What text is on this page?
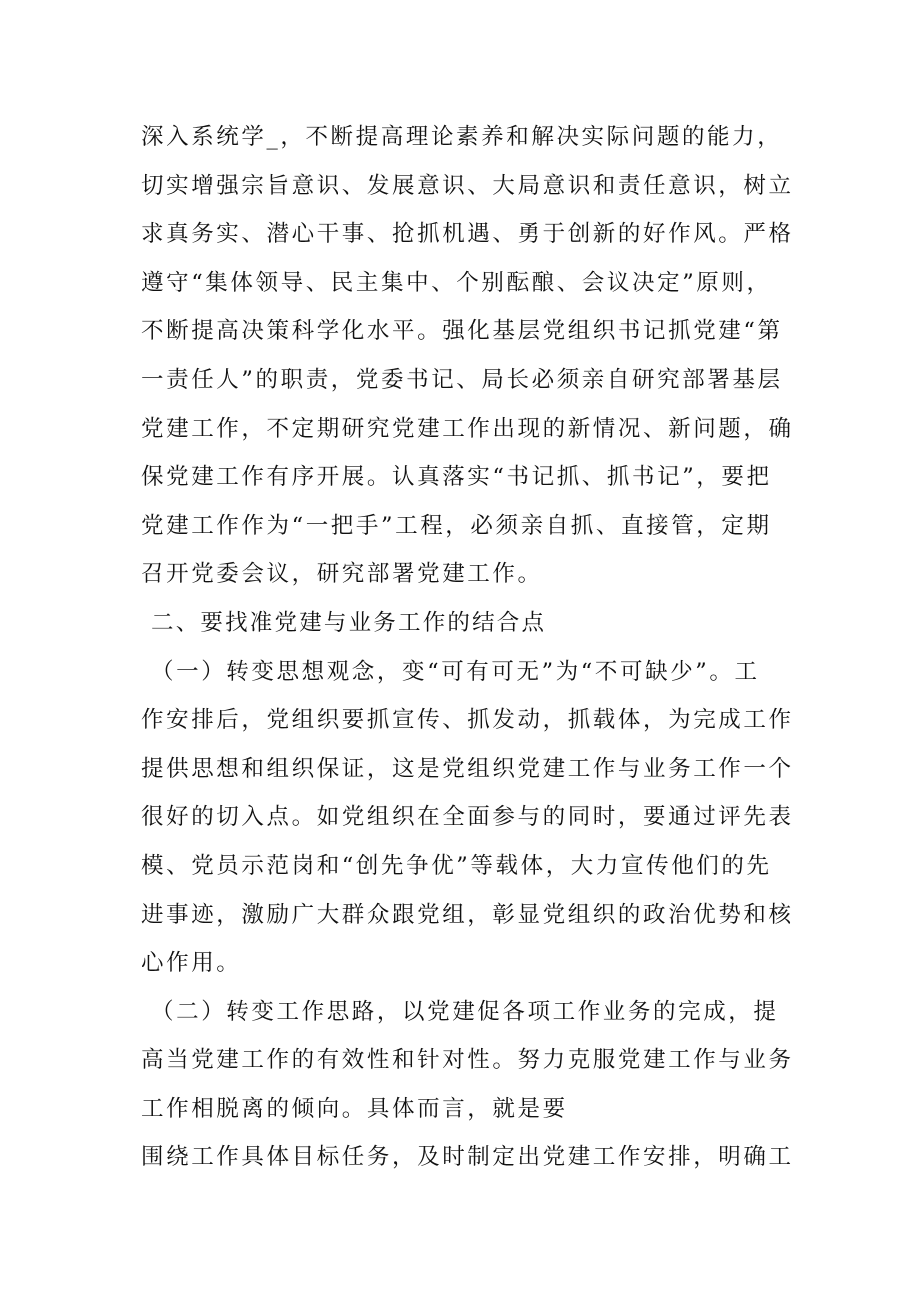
深入系统学_，不断提高理论素养和解决实际问题的能力，

切实增强宗旨意识、发展意识、大局意识和责任意识，树立

求真务实、潜心干事、抢抓机遇、勇于创新的好作风。严格

遵守“集体领导、民主集中、个别酝酿、会议决定”原则，

不断提高决策科学化水平。强化基层党组织书记抓党建“第

一责任人”的职责，党委书记、局长必须亲自研究部署基层

党建工作，不定期研究党建工作出现的新情况、新问题，确

保党建工作有序开展。认真落实“书记抓、抓书记”，要把

党建工作作为“一把手”工程，必须亲自抓、直接管，定期

召开党委会议，研究部署党建工作。

二、要找准党建与业务工作的结合点

（一）转变思想观念，变“可有可无”为“不可缺少”。工

作安排后，党组织要抓宣传、抓发动，抓载体，为完成工作

提供思想和组织保证，这是党组织党建工作与业务工作一个

很好的切入点。如党组织在全面参与的同时，要通过评先表

模、党员示范岗和“创先争优”等载体，大力宣传他们的先

进事迹，激励广大群众跟党组，彰显党组织的政治优势和核

心作用。

（二）转变工作思路，以党建促各项工作业务的完成，提

高当党建工作的有效性和针对性。努力克服党建工作与业务

工作相脱离的倾向。具体而言，就是要

围绕工作具体目标任务，及时制定出党建工作安排，明确工
